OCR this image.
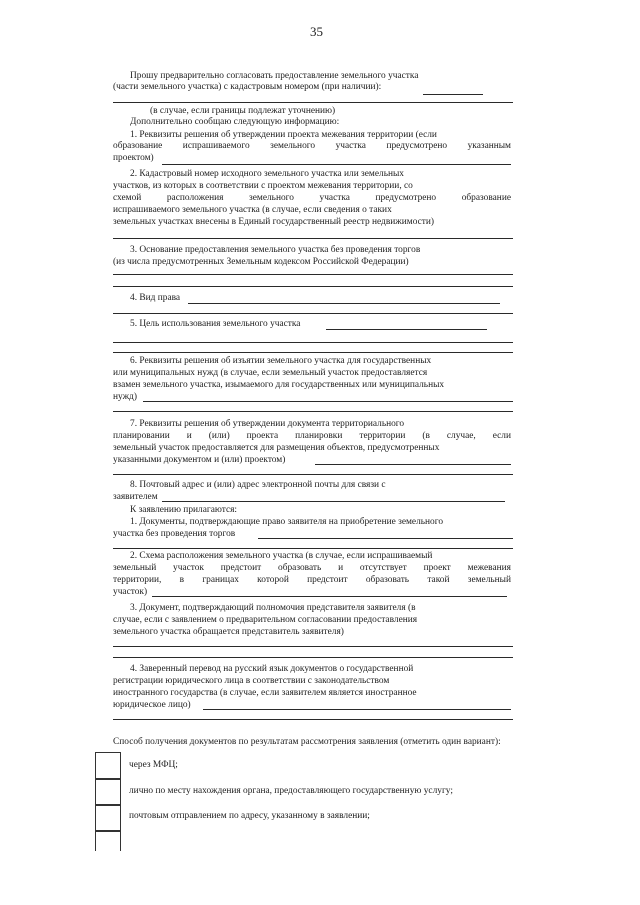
35
Прошу предварительно согласовать предоставление земельного участка
(части земельного участка) с кадастровым номером (при наличии):
(в случае, если границы подлежат уточнению)
Дополнительно сообщаю следующую информацию:
1. Реквизиты решения об утверждении проекта межевания территории (если
образование испрашиваемого земельного участка предусмотрено указанным
проектом)
2. Кадастровый номер исходного земельного участка или земельных
участков, из которых в соответствии с проектом межевания территории, со
схемой расположения земельного участка предусмотрено образование
испрашиваемого земельного участка (в случае, если сведения о таких
земельных участках внесены в Единый государственный реестр недвижимости)
3. Основание предоставления земельного участка без проведения торгов
(из числа предусмотренных Земельным кодексом Российской Федерации)
4. Вид права
5. Цель использования земельного участка
6. Реквизиты решения об изъятии земельного участка для государственных
или муниципальных нужд (в случае, если земельный участок предоставляется
взамен земельного участка, изымаемого для государственных или муниципальных
нужд)
7. Реквизиты решения об утверждении документа территориального
планировании и (или) проекта планировки территории (в случае, если
земельный участок предоставляется для размещения объектов, предусмотренных
указанными документом и (или) проектом)
8. Почтовый адрес и (или) адрес электронной почты для связи с
заявителем
К заявлению прилагаются:
1. Документы, подтверждающие право заявителя на приобретение земельного
участка без проведения торгов
2. Схема расположения земельного участка (в случае, если испрашиваемый
земельный участок предстоит образовать и отсутствует проект межевания
территории, в границах которой предстоит образовать такой земельный
участок)
3. Документ, подтверждающий полномочия представителя заявителя (в
случае, если с заявлением о предварительном согласовании предоставления
земельного участка обращается представитель заявителя)
4. Заверенный перевод на русский язык документов о государственной
регистрации юридического лица в соответствии с законодательством
иностранного государства (в случае, если заявителем является иностранное
юридическое лицо)
Способ получения документов по результатам рассмотрения заявления (отметить один вариант):
через МФЦ;
лично по месту нахождения органа, предоставляющего государственную услугу;
почтовым отправлением по адресу, указанному в заявлении;
